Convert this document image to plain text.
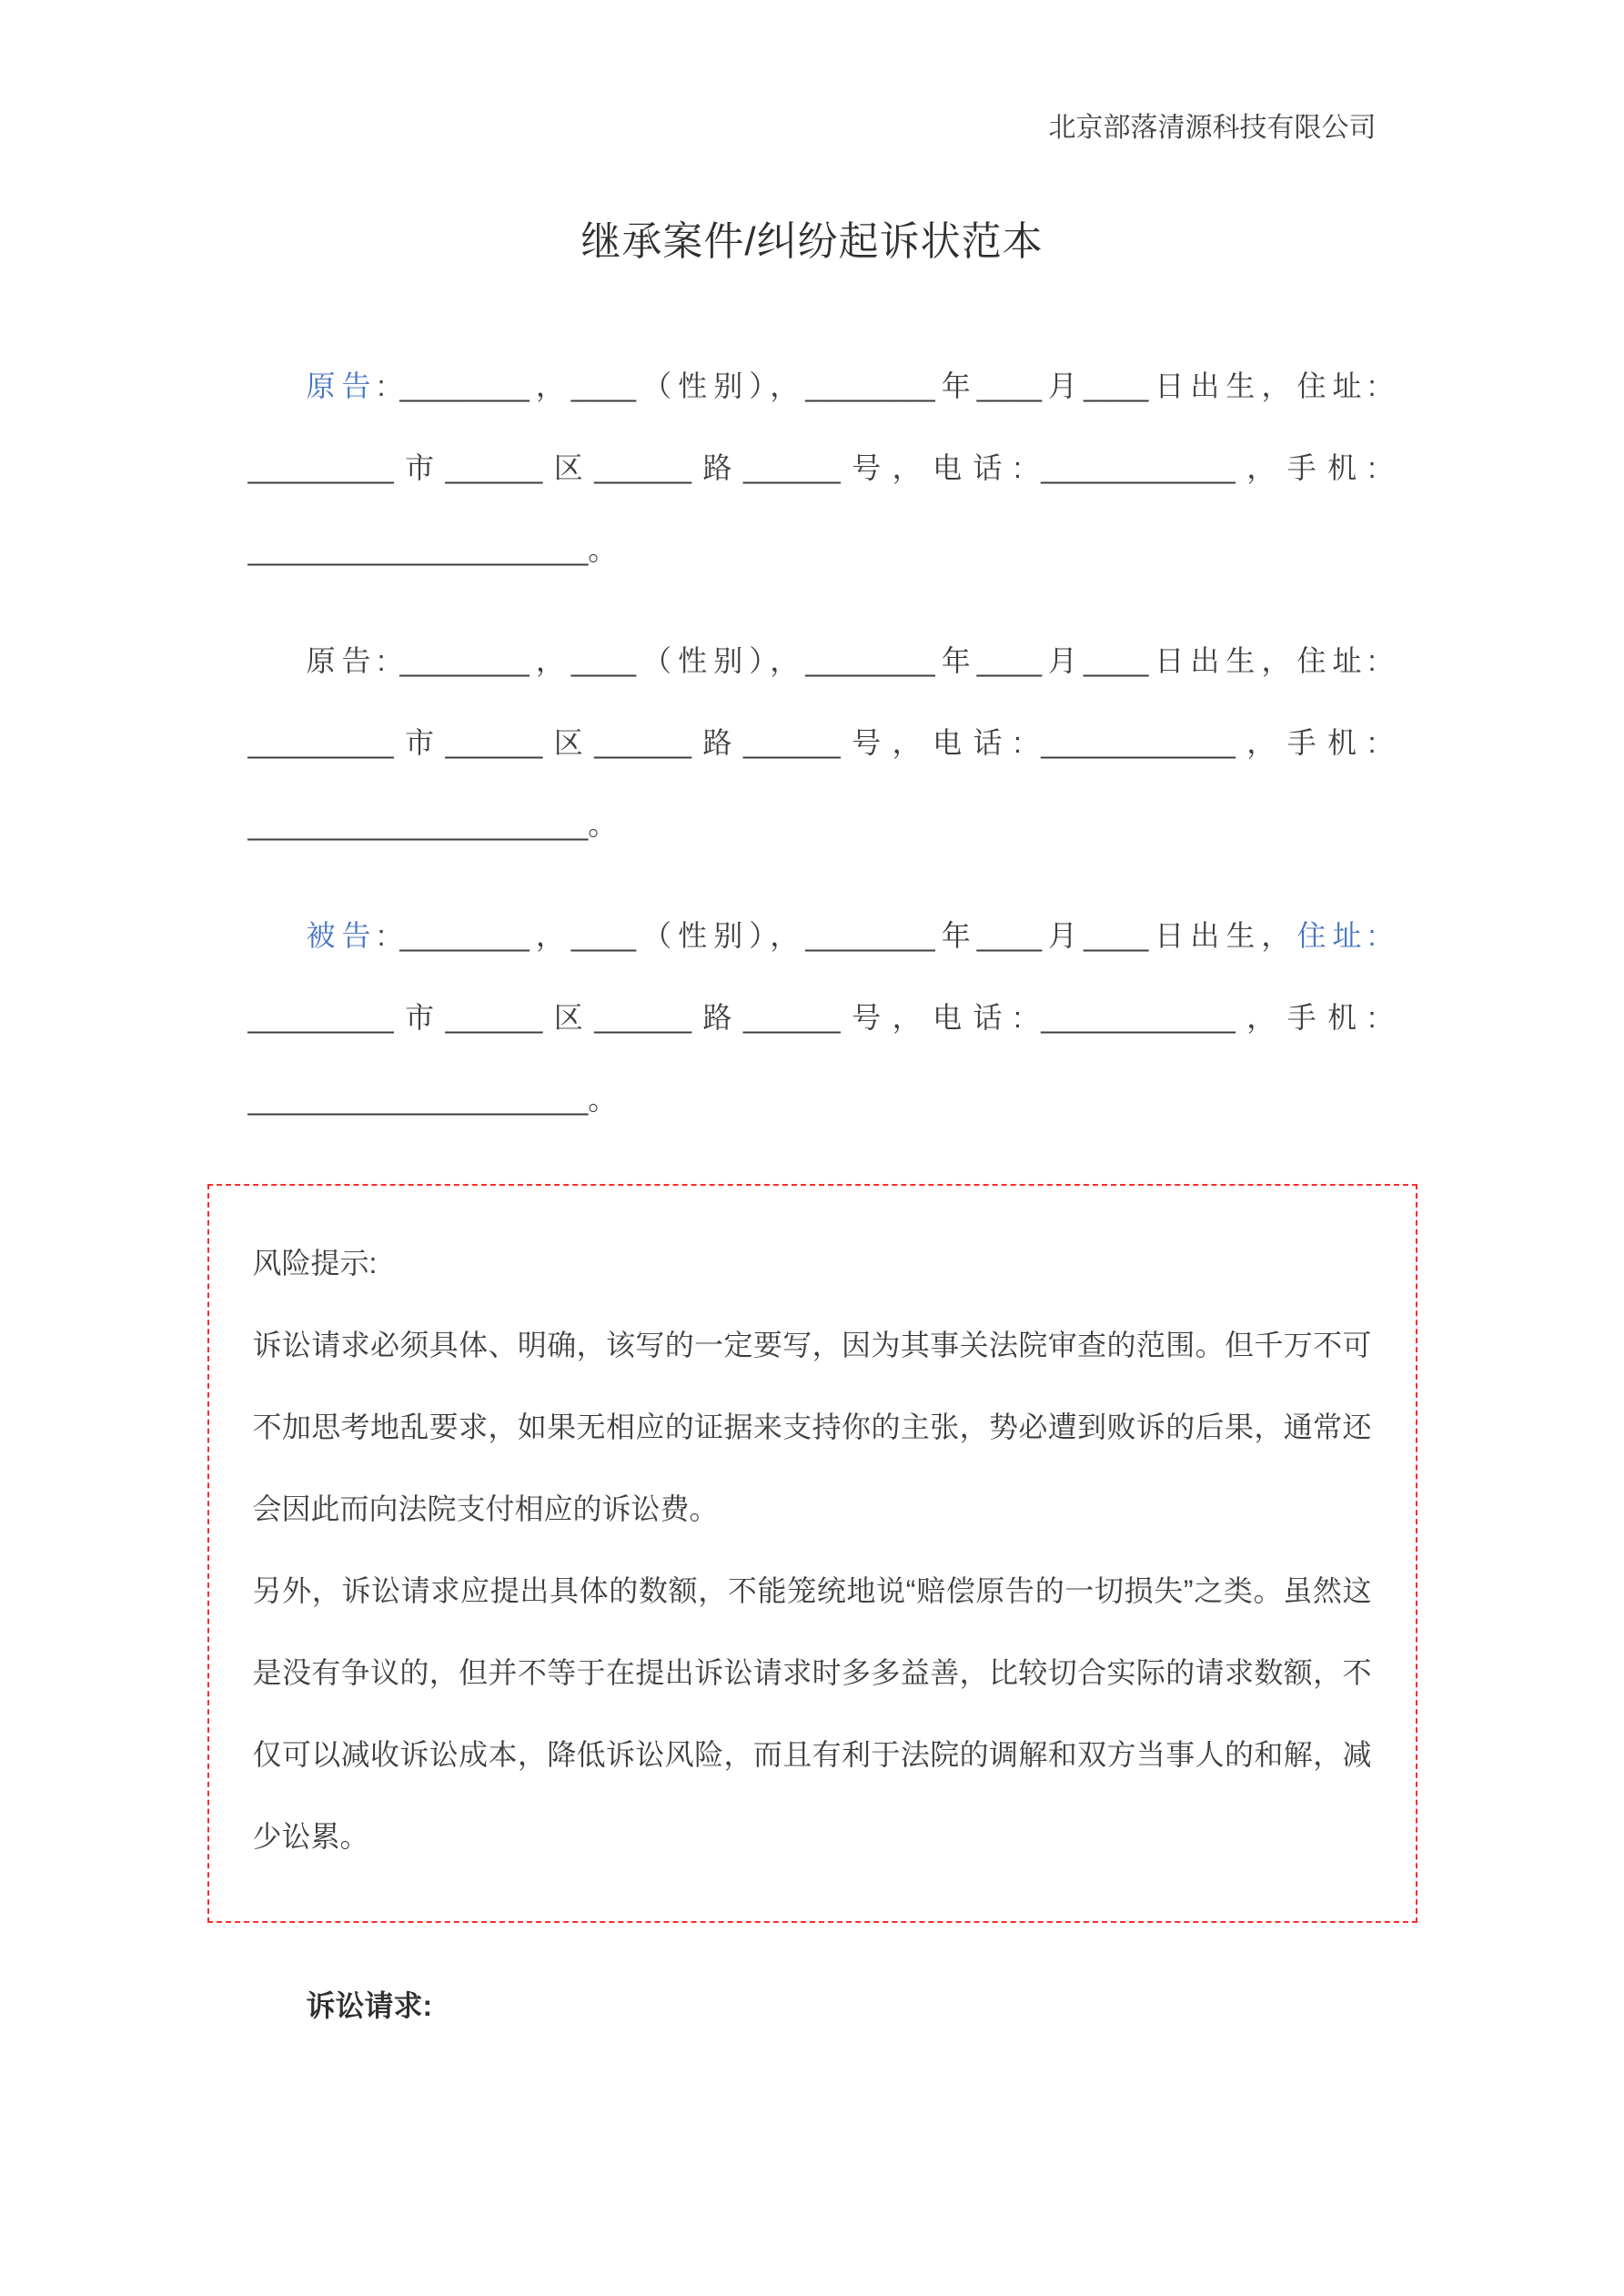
北京部落清源科技有限公司
继承案件/纠纷起诉状范本

原告: ________，____（性别），________年____月____日出生，住址:

_________市______区______路______号，电话: ____________，手机:

_____________________。

原告: ________，____（性别），________年____月____日出生，住址:

_________市______区______路______号，电话: ____________，手机:

_____________________。

被告: ________，____（性别），________年____月____日出生，住址:

_________市______区______路______号，电话: ____________，手机:

_____________________。

风险提示:

诉讼请求必须具体、明确，该写的一定要写，因为其事关法院审查的范围。但千万不可不加思考地乱要求，如果无相应的证据来支持你的主张，势必遭到败诉的后果，通常还会因此而向法院支付相应的诉讼费。

另外，诉讼请求应提出具体的数额，不能笼统地说“赔偿原告的一切损失”之类。虽然这是没有争议的，但并不等于在提出诉讼请求时多多益善，比较切合实际的请求数额，不仅可以减收诉讼成本，降低诉讼风险，而且有利于法院的调解和双方当事人的和解，减少讼累。

诉讼请求:
